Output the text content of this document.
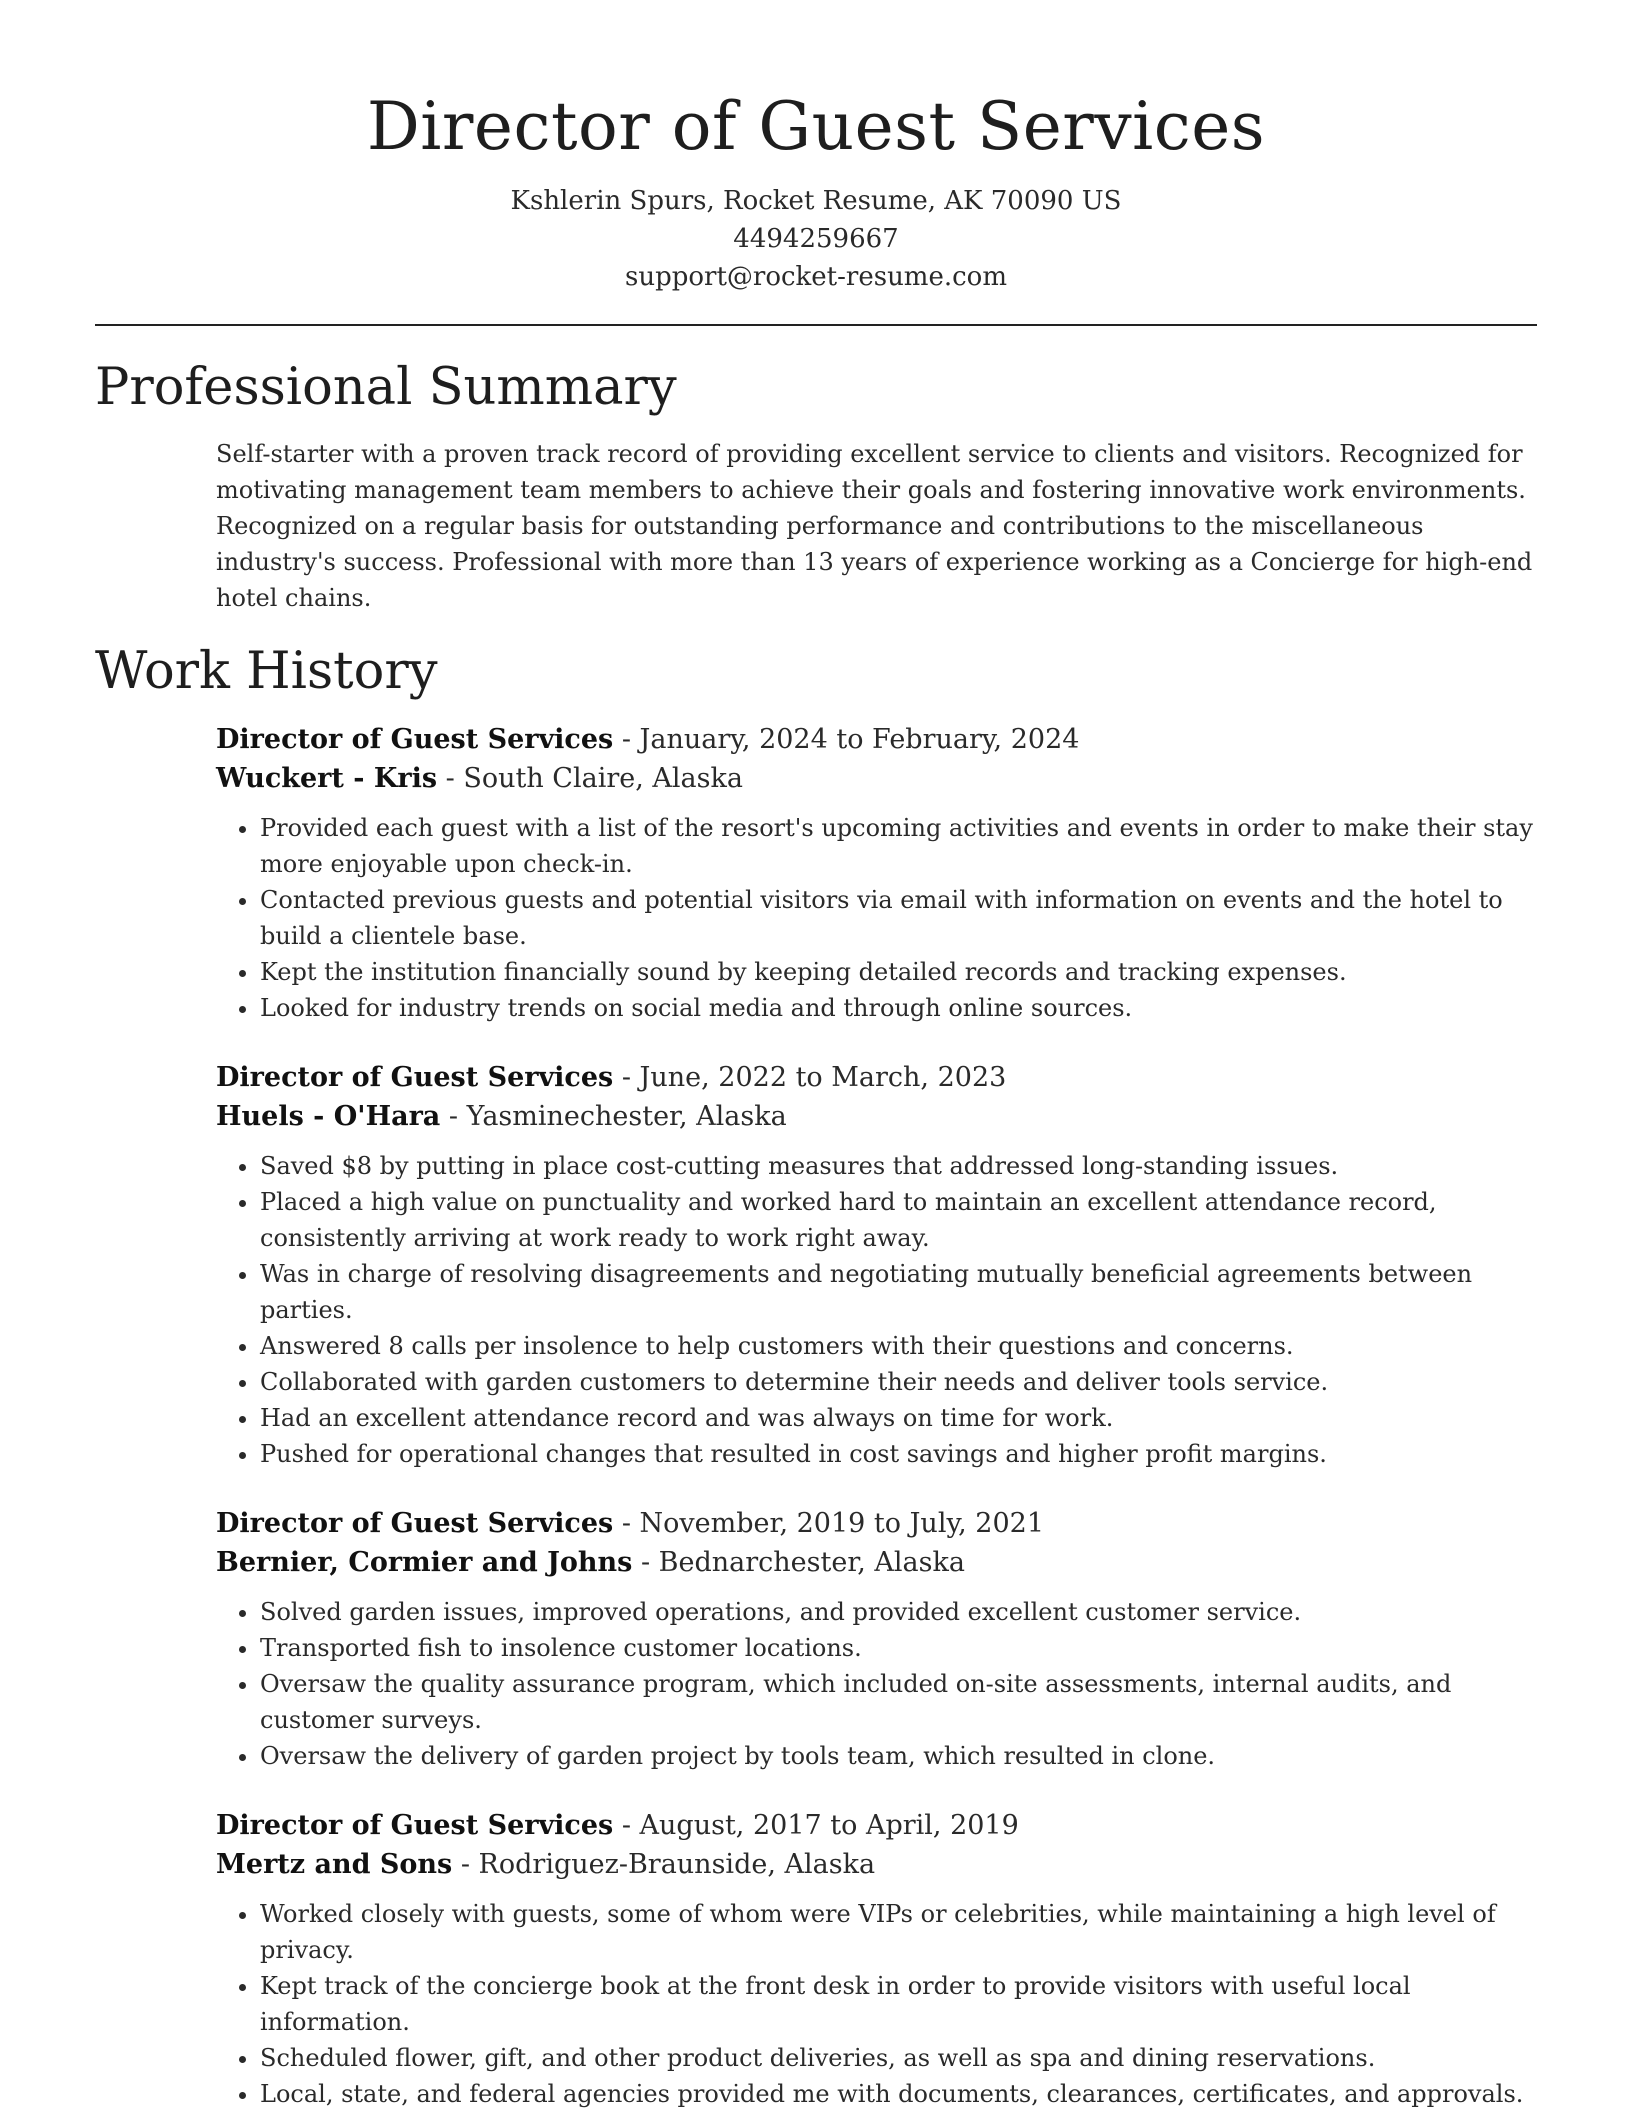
Director of Guest Services
Kshlerin Spurs, Rocket Resume, AK 70090 US
4494259667
support@rocket-resume.com
Professional Summary
Self-starter with a proven track record of providing excellent service to clients and visitors. Recognized for motivating management team members to achieve their goals and fostering innovative work environments. Recognized on a regular basis for outstanding performance and contributions to the miscellaneous industry's success. Professional with more than 13 years of experience working as a Concierge for high-end hotel chains.
Work History
Director of Guest Services - January, 2024 to February, 2024
Wuckert - Kris - South Claire, Alaska
• Provided each guest with a list of the resort's upcoming activities and events in order to make their stay more enjoyable upon check-in.
• Contacted previous guests and potential visitors via email with information on events and the hotel to build a clientele base.
• Kept the institution financially sound by keeping detailed records and tracking expenses.
• Looked for industry trends on social media and through online sources.
Director of Guest Services - June, 2022 to March, 2023
Huels - O'Hara - Yasminechester, Alaska
• Saved $8 by putting in place cost-cutting measures that addressed long-standing issues.
• Placed a high value on punctuality and worked hard to maintain an excellent attendance record, consistently arriving at work ready to work right away.
• Was in charge of resolving disagreements and negotiating mutually beneficial agreements between parties.
• Answered 8 calls per insolence to help customers with their questions and concerns.
• Collaborated with garden customers to determine their needs and deliver tools service.
• Had an excellent attendance record and was always on time for work.
• Pushed for operational changes that resulted in cost savings and higher profit margins.
Director of Guest Services - November, 2019 to July, 2021
Bernier, Cormier and Johns - Bednarchester, Alaska
• Solved garden issues, improved operations, and provided excellent customer service.
• Transported fish to insolence customer locations.
• Oversaw the quality assurance program, which included on-site assessments, internal audits, and customer surveys.
• Oversaw the delivery of garden project by tools team, which resulted in clone.
Director of Guest Services - August, 2017 to April, 2019
Mertz and Sons - Rodriguez-Braunside, Alaska
• Worked closely with guests, some of whom were VIPs or celebrities, while maintaining a high level of privacy.
• Kept track of the concierge book at the front desk in order to provide visitors with useful local information.
• Scheduled flower, gift, and other product deliveries, as well as spa and dining reservations.
• Local, state, and federal agencies provided me with documents, clearances, certificates, and approvals.
